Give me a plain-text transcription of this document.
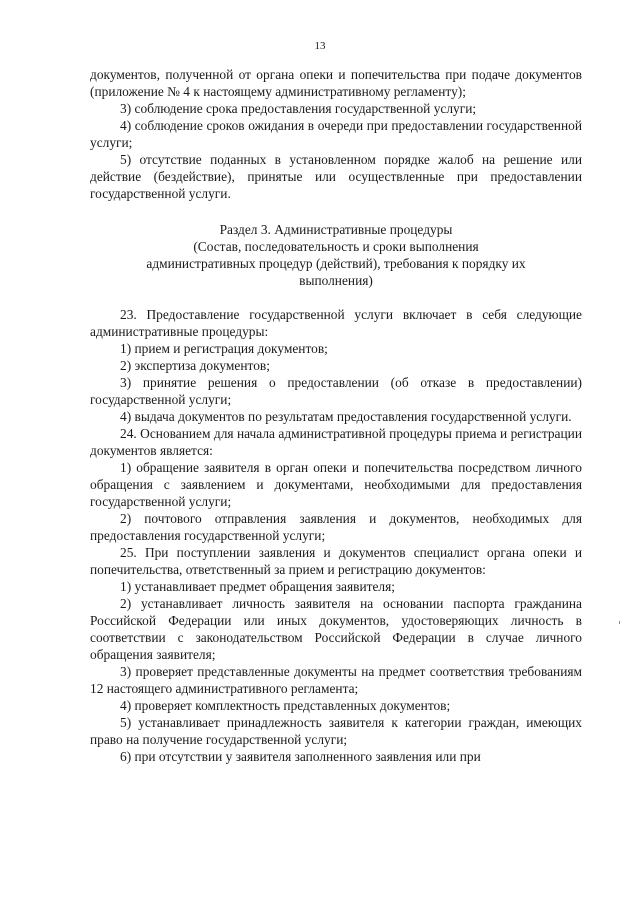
13

документов, полученной от органа опеки и попечительства при подаче документов (приложение № 4 к настоящему административному регламенту);

3) соблюдение срока предоставления государственной услуги;

4) соблюдение сроков ожидания в очереди при предоставлении государственной услуги;

5) отсутствие поданных в установленном порядке жалоб на решение или действие (бездействие), принятые или осуществленные при предоставлении государственной услуги.

Раздел 3. Административные процедуры
(Состав, последовательность и сроки выполнения
административных процедур (действий), требования к порядку их
выполнения)

23. Предоставление государственной услуги включает в себя следующие административные процедуры:

1) прием и регистрация документов;

2) экспертиза документов;

3) принятие решения о предоставлении (об отказе в предоставлении) государственной услуги;

4) выдача документов по результатам предоставления государственной услуги.

24. Основанием для начала административной процедуры приема и регистрации документов является:

1) обращение заявителя в орган опеки и попечительства посредством личного обращения с заявлением и документами, необходимыми для предоставления государственной услуги;

2) почтового отправления заявления и документов, необходимых для предоставления государственной услуги;

25. При поступлении заявления и документов специалист органа опеки и попечительства, ответственный за прием и регистрацию документов:

1) устанавливает предмет обращения заявителя;

2) устанавливает личность заявителя на основании паспорта гражданина Российской Федерации или иных документов, удостоверяющих личность в соответствии с законодательством Российской Федерации в случае личного обращения заявителя;

3) проверяет представленные документы на предмет соответствия требованиям 12 настоящего административного регламента;

4) проверяет комплектность представленных документов;

5) устанавливает принадлежность заявителя к категории граждан, имеющих право на получение государственной услуги;

6) при отсутствии у заявителя заполненного заявления или при
